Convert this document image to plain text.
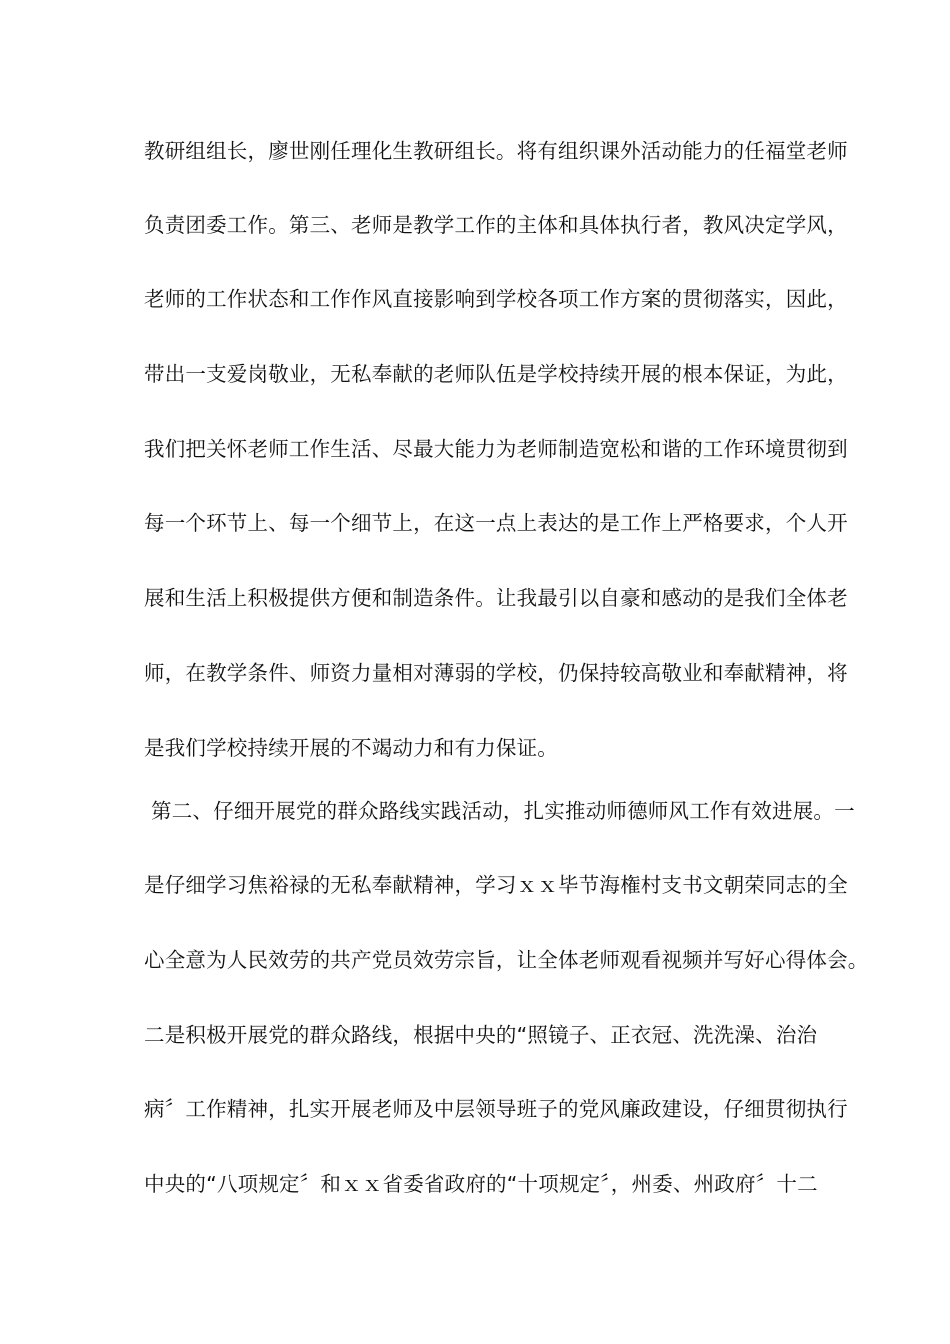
教研组组长，廖世刚任理化生教研组长。将有组织课外活动能力的任福堂老师
负责团委工作。第三、老师是教学工作的主体和具体执行者，教风决定学风，
老师的工作状态和工作作风直接影响到学校各项工作方案的贯彻落实，因此，
带出一支爱岗敬业，无私奉献的老师队伍是学校持续开展的根本保证，为此，
我们把关怀老师工作生活、尽最大能力为老师制造宽松和谐的工作环境贯彻到
每一个环节上、每一个细节上，在这一点上表达的是工作上严格要求，个人开
展和生活上积极提供方便和制造条件。让我最引以自豪和感动的是我们全体老
师，在教学条件、师资力量相对薄弱的学校，仍保持较高敬业和奉献精神，将
是我们学校持续开展的不竭动力和有力保证。
第二、仔细开展党的群众路线实践活动，扎实推动师德师风工作有效进展。一
是仔细学习焦裕禄的无私奉献精神，学习ｘｘ毕节海権村支书文朝荣同志的全
心全意为人民效劳的共产党员效劳宗旨，让全体老师观看视频并写好心得体会。
二是积极开展党的群众路线，根据中央的“照镜子、正衣冠、洗洗澡、治治
病〞工作精神，扎实开展老师及中层领导班子的党风廉政建设，仔细贯彻执行
中央的“八项规定〞和ｘｘ省委省政府的“十项规定〞，州委、州政府〞十二
